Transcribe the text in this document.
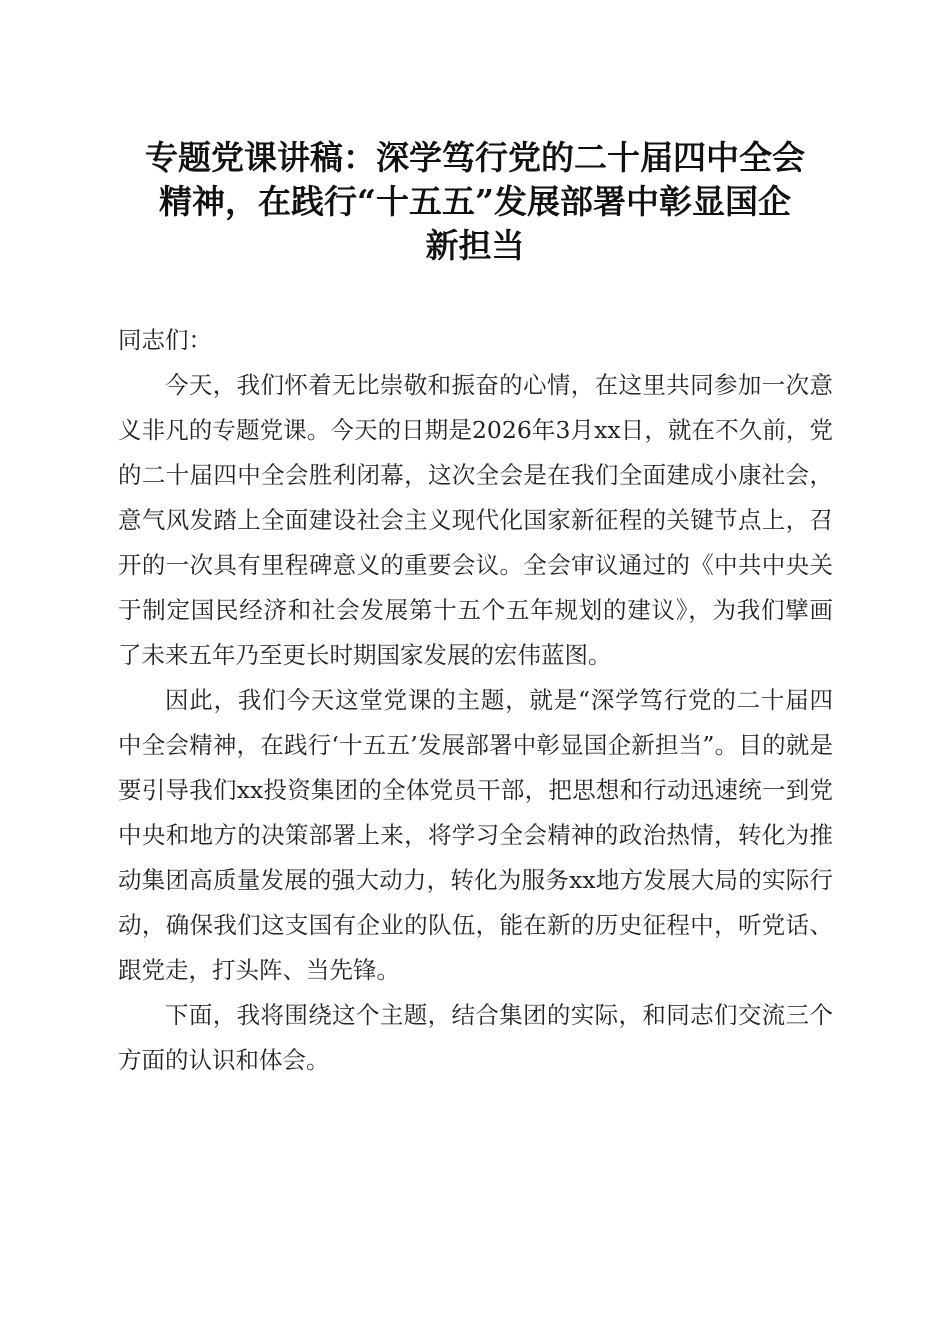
专题党课讲稿：深学笃行党的二十届四中全会
精神，在践行“十五五”发展部署中彰显国企
新担当

同志们：

今天，我们怀着无比崇敬和振奋的心情，在这里共同参加一次意义非凡的专题党课。今天的日期是2026年3月xx日，就在不久前，党的二十届四中全会胜利闭幕，这次全会是在我们全面建成小康社会，意气风发踏上全面建设社会主义现代化国家新征程的关键节点上，召开的一次具有里程碑意义的重要会议。全会审议通过的《中共中央关于制定国民经济和社会发展第十五个五年规划的建议》，为我们擘画了未来五年乃至更长时期国家发展的宏伟蓝图。

因此，我们今天这堂党课的主题，就是“深学笃行党的二十届四中全会精神，在践行‘十五五’发展部署中彰显国企新担当”。目的就是要引导我们xx投资集团的全体党员干部，把思想和行动迅速统一到党中央和地方的决策部署上来，将学习全会精神的政治热情，转化为推动集团高质量发展的强大动力，转化为服务xx地方发展大局的实际行动，确保我们这支国有企业的队伍，能在新的历史征程中，听党话、跟党走，打头阵、当先锋。

下面，我将围绕这个主题，结合集团的实际，和同志们交流三个方面的认识和体会。
